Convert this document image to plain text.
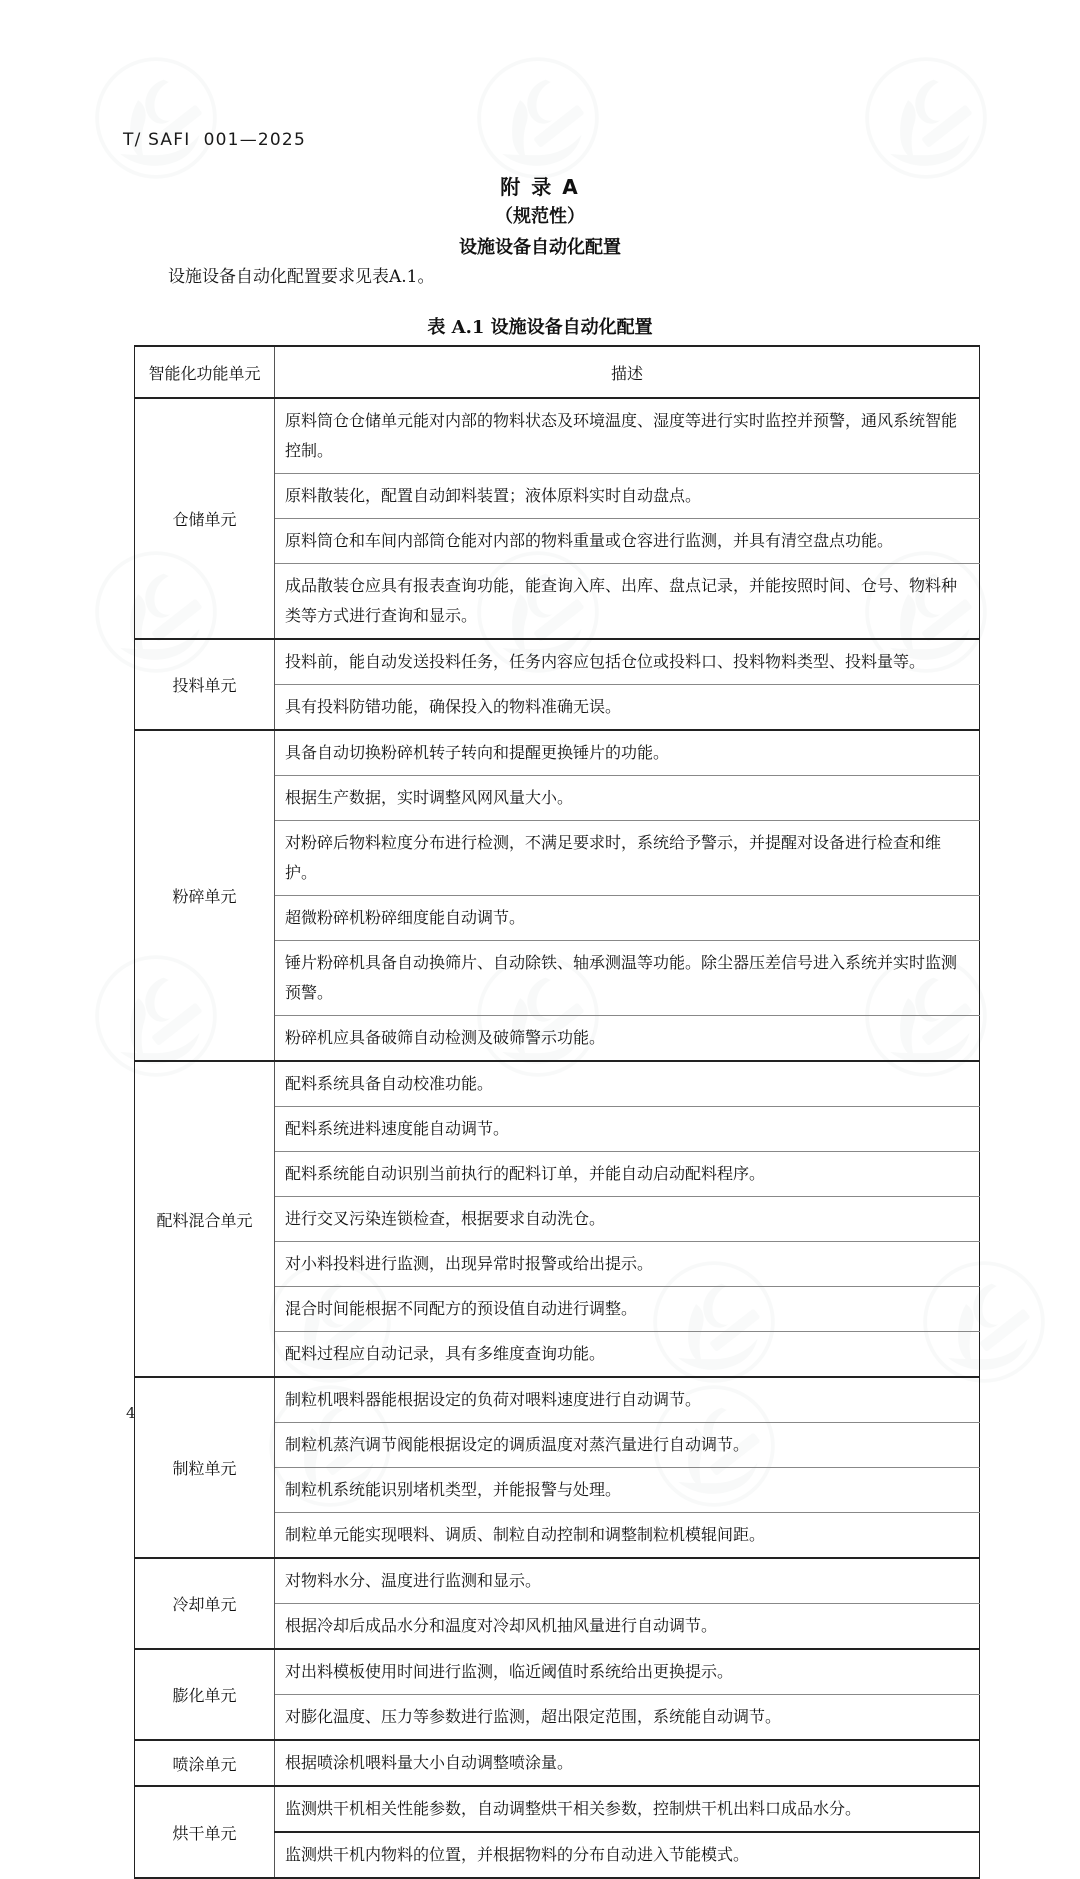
T/ SAFI  001—2025
附 录 A
（规范性）
设施设备自动化配置
设施设备自动化配置要求见表A.1。
表 A.1 设施设备自动化配置
智能化功能单元	描述
仓储单元	原料筒仓仓储单元能对内部的物料状态及环境温度、湿度等进行实时监控并预警，通风系统智能控制。
	原料散装化，配置自动卸料装置；液体原料实时自动盘点。
	原料筒仓和车间内部筒仓能对内部的物料重量或仓容进行监测，并具有清空盘点功能。
	成品散装仓应具有报表查询功能，能查询入库、出库、盘点记录，并能按照时间、仓号、物料种类等方式进行查询和显示。
投料单元	投料前，能自动发送投料任务，任务内容应包括仓位或投料口、投料物料类型、投料量等。
	具有投料防错功能，确保投入的物料准确无误。
粉碎单元	具备自动切换粉碎机转子转向和提醒更换锤片的功能。
	根据生产数据，实时调整风网风量大小。
	对粉碎后物料粒度分布进行检测，不满足要求时，系统给予警示，并提醒对设备进行检查和维护。
	超微粉碎机粉碎细度能自动调节。
	锤片粉碎机具备自动换筛片、自动除铁、轴承测温等功能。除尘器压差信号进入系统并实时监测预警。
	粉碎机应具备破筛自动检测及破筛警示功能。
配料混合单元	配料系统具备自动校准功能。
	配料系统进料速度能自动调节。
	配料系统能自动识别当前执行的配料订单，并能自动启动配料程序。
	进行交叉污染连锁检查，根据要求自动洗仓。
	对小料投料进行监测，出现异常时报警或给出提示。
	混合时间能根据不同配方的预设值自动进行调整。
	配料过程应自动记录，具有多维度查询功能。
制粒单元	制粒机喂料器能根据设定的负荷对喂料速度进行自动调节。
	制粒机蒸汽调节阀能根据设定的调质温度对蒸汽量进行自动调节。
	制粒机系统能识别堵机类型，并能报警与处理。
	制粒单元能实现喂料、调质、制粒自动控制和调整制粒机模辊间距。
冷却单元	对物料水分、温度进行监测和显示。
	根据冷却后成品水分和温度对冷却风机抽风量进行自动调节。
膨化单元	对出料模板使用时间进行监测，临近阈值时系统给出更换提示。
	对膨化温度、压力等参数进行监测，超出限定范围，系统能自动调节。
喷涂单元	根据喷涂机喂料量大小自动调整喷涂量。
烘干单元	监测烘干机相关性能参数，自动调整烘干相关参数，控制烘干机出料口成品水分。
	监测烘干机内物料的位置，并根据物料的分布自动进入节能模式。
4
